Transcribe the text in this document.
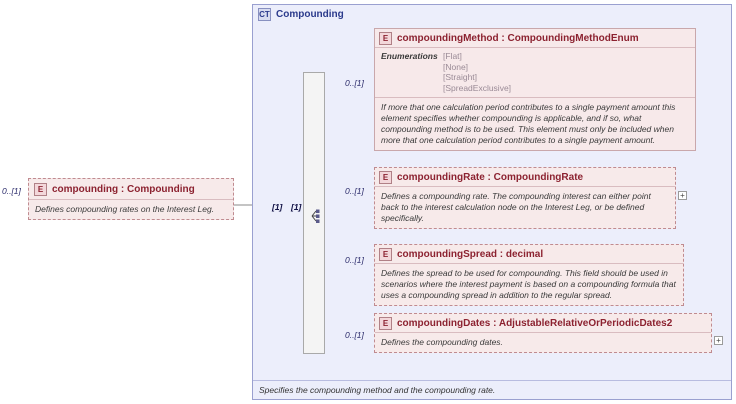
CT Compounding
Specifies the compounding method and the compounding rate.
E compounding : Compounding
Defines compounding rates on the Interest Leg.
0..[1]
[1] [1]
E compoundingMethod : CompoundingMethodEnum
Enumerations [Flat]
[None]
[Straight]
[SpreadExclusive]
If more that one calculation period contributes to a single payment amount this element specifies whether compounding is applicable, and if so, what compounding method is to be used. This element must only be included when more that one calculation period contributes to a single payment amount.
0..[1]
E compoundingRate : CompoundingRate
Defines a compounding rate. The compounding interest can either point back to the interest calculation node on the Interest Leg, or be defined specifically.
+
0..[1]
E compoundingSpread : decimal
Defines the spread to be used for compounding. This field should be used in scenarios where the interest payment is based on a compounding formula that uses a compounding spread in addition to the regular spread.
0..[1]
E compoundingDates : AdjustableRelativeOrPeriodicDates2
Defines the compounding dates.	+
0..[1]
